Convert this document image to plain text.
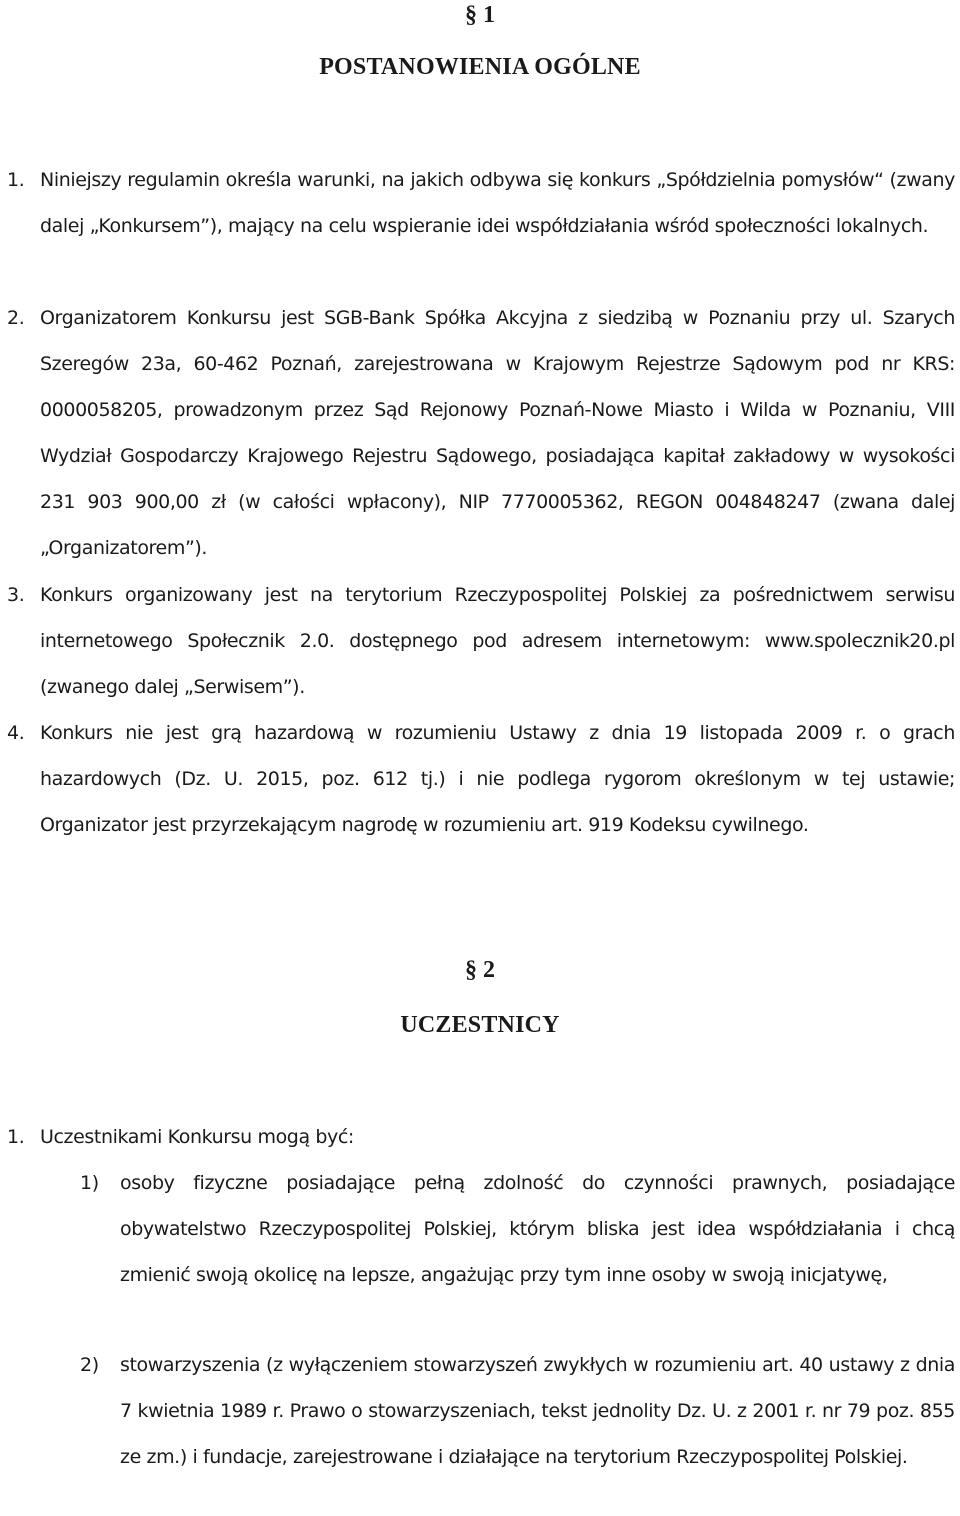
§ 1
POSTANOWIENIA OGÓLNE
1. Niniejszy regulamin określa warunki, na jakich odbywa się konkurs „Spółdzielnia pomysłów“ (zwany dalej „Konkursem”), mający na celu wspieranie idei współdziałania wśród społeczności lokalnych.
2. Organizatorem Konkursu jest SGB-Bank Spółka Akcyjna z siedzibą w Poznaniu przy ul. Szarych Szeregów 23a, 60-462 Poznań, zarejestrowana w Krajowym Rejestrze Sądowym pod nr KRS: 0000058205, prowadzonym przez Sąd Rejonowy Poznań-Nowe Miasto i Wilda w Poznaniu, VIII Wydział Gospodarczy Krajowego Rejestru Sądowego, posiadająca kapitał zakładowy w wysokości 231 903 900,00 zł (w całości wpłacony), NIP 7770005362, REGON 004848247 (zwana dalej „Organizatorem”).
3. Konkurs organizowany jest na terytorium Rzeczypospolitej Polskiej za pośrednictwem serwisu internetowego Społecznik 2.0. dostępnego pod adresem internetowym: www.spolecznik20.pl (zwanego dalej „Serwisem”).
4. Konkurs nie jest grą hazardową w rozumieniu Ustawy z dnia 19 listopada 2009 r. o grach hazardowych (Dz. U. 2015, poz. 612 tj.) i nie podlega rygorom określonym w tej ustawie; Organizator jest przyrzekającym nagrodę w rozumieniu art. 919 Kodeksu cywilnego.
§ 2
UCZESTNICY
1. Uczestnikami Konkursu mogą być:
1) osoby fizyczne posiadające pełną zdolność do czynności prawnych, posiadające obywatelstwo Rzeczypospolitej Polskiej, którym bliska jest idea współdziałania i chcą zmienić swoją okolicę na lepsze, angażując przy tym inne osoby w swoją inicjatywę,
2) stowarzyszenia (z wyłączeniem stowarzyszeń zwykłych w rozumieniu art. 40 ustawy z dnia 7 kwietnia 1989 r. Prawo o stowarzyszeniach, tekst jednolity Dz. U. z 2001 r. nr 79 poz. 855 ze zm.) i fundacje, zarejestrowane i działające na terytorium Rzeczypospolitej Polskiej.
